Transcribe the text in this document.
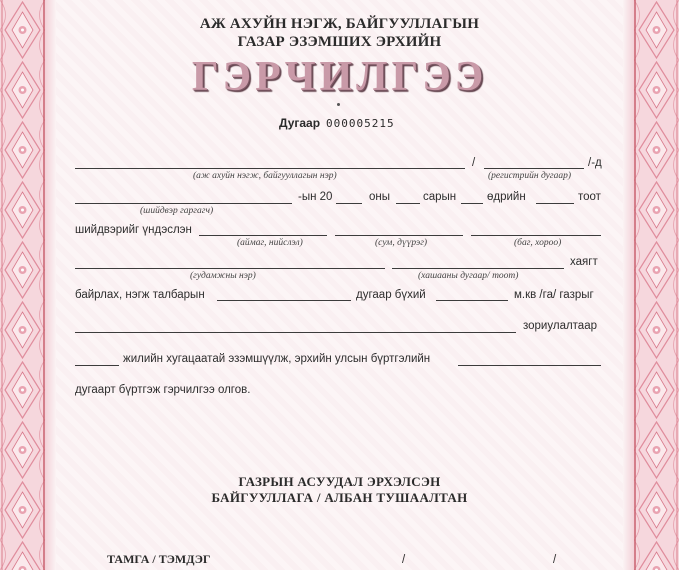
АЖ АХУЙН НЭГЖ, БАЙГУУЛЛАГЫН
ГАЗАР ЭЗЭМШИХ ЭРХИЙН
ГЭРЧИЛГЭЭ
Дугаар 000005215
/	/-д
(аж ахуйн нэгж, байгууллагын нэр)	(регистрийн дугаар)
-ын 20	оны	сарын	өдрийн	тоот
(шийдвэр гаргагч)
шийдвэрийг үндэслэн
(аймаг, нийслэл)	(сум, дүүрэг)	(баг, хороо)
хаягт
(гудамжны нэр)	(хашааны дугаар/ тоот)
байрлах, нэгж талбарын	дугаар бүхий	м.кв /га/ газрыг
зориулалтаар
жилийн хугацаатай эзэмшүүлж, эрхийн улсын бүртгэлийн
дугаарт бүртгэж гэрчилгээ олгов.
ГАЗРЫН АСУУДАЛ ЭРХЭЛСЭН
БАЙГУУЛЛАГА / АЛБАН ТУШААЛТАН
ТАМГА / ТЭМДЭГ	/	/
